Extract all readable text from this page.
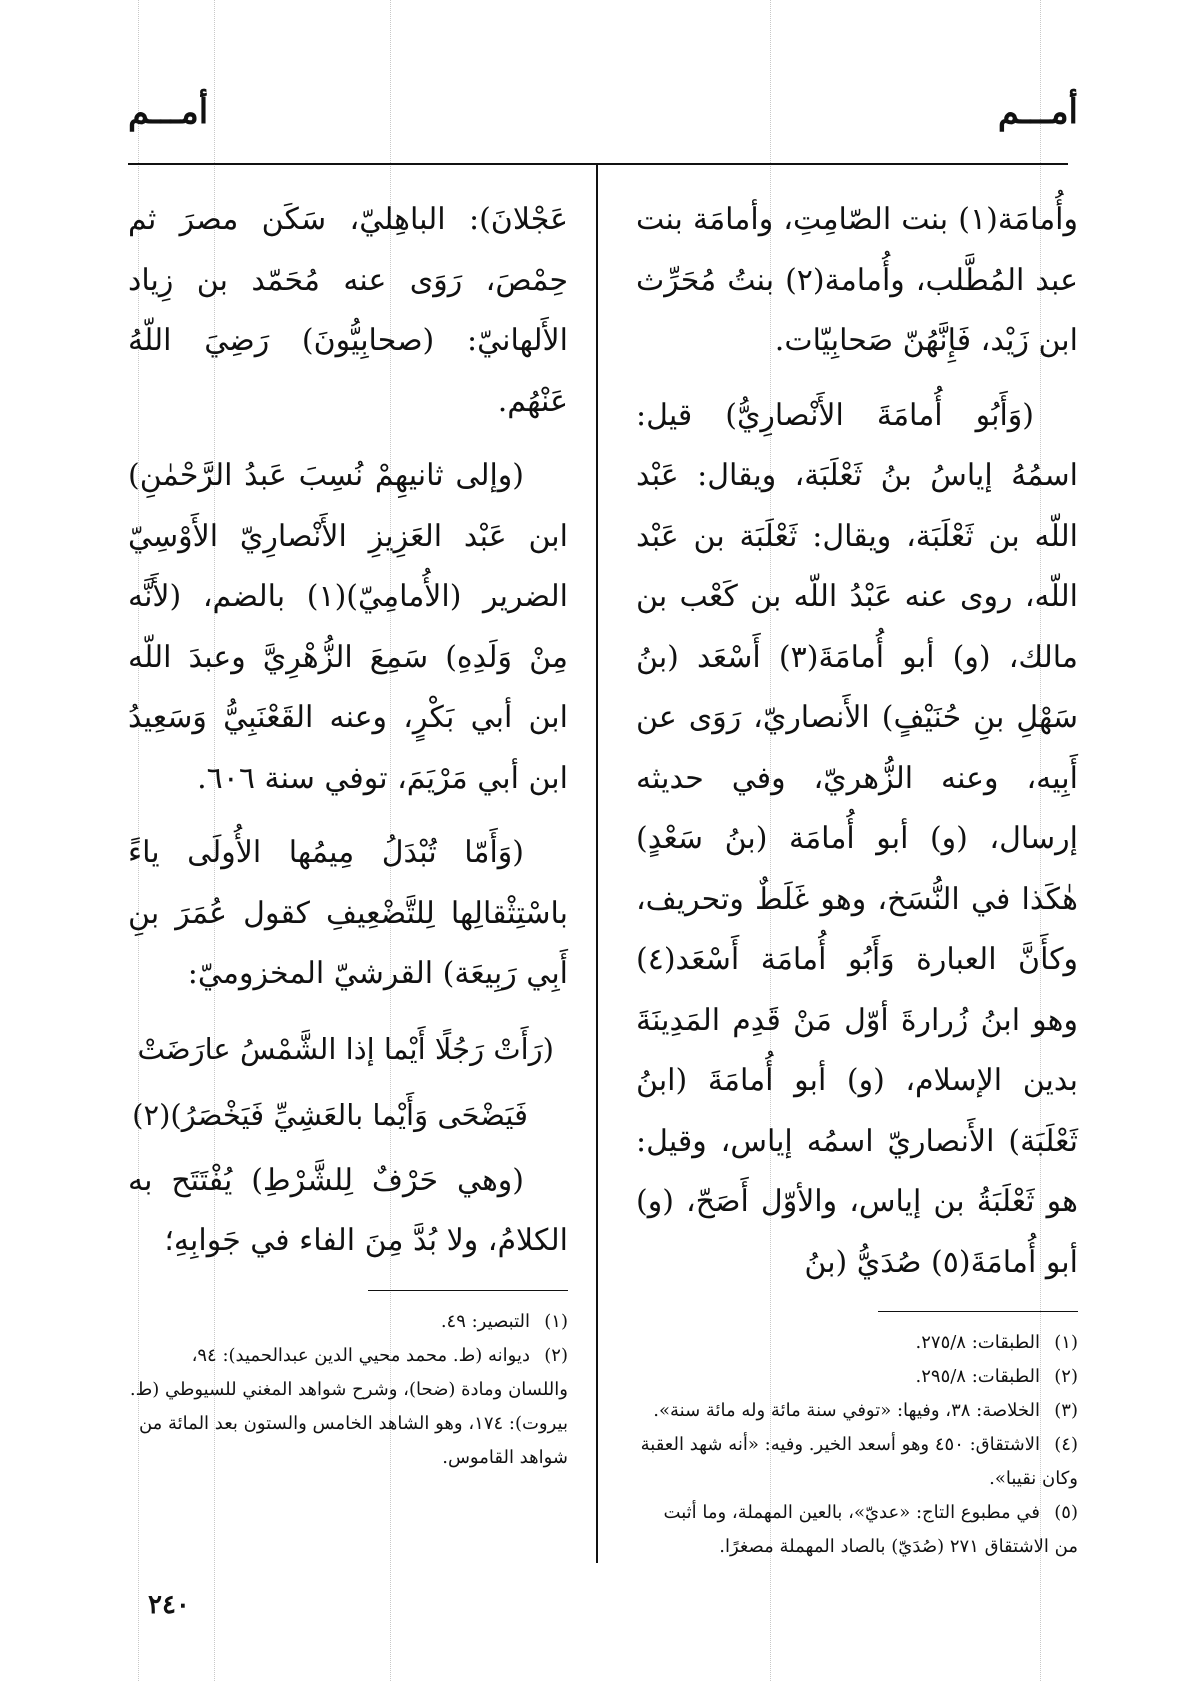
أمـــم
أمـــم

وأُمامَة(١) بنت الصّامِتِ، وأمامَة بنت عبد المُطَّلب، وأُمامة(٢) بنتُ مُحَرِّث ابن زَيْد، فَإِنَّهُنّ صَحابِيّات.

(وَأَبُو أُمامَةَ الأَنْصارِيُّ) قيل: اسمُهُ إياسُ بنُ ثَعْلَبَة، ويقال: عَبْد اللّه بن ثَعْلَبَة، ويقال: ثَعْلَبَة بن عَبْد اللّه، روى عنه عَبْدُ اللّه بن كَعْب بن مالك، (و) أبو أُمامَةَ(٣) أَسْعَد (بنُ سَهْلِ بنِ حُنَيْفٍ) الأَنصاريّ، رَوَى عن أَبِيه، وعنه الزُّهريّ، وفي حديثه إرسال، (و) أبو أُمامَة (بنُ سَعْدٍ) هٰكَذا في النُّسَخ، وهو غَلَطٌ وتحريف، وكأَنَّ العبارة وَأَبُو أُمامَة أَسْعَد(٤) وهو ابنُ زُرارةَ أوّل مَنْ قَدِم المَدِينَةَ بدين الإسلام، (و) أبو أُمامَةَ (ابنُ ثَعْلَبَة) الأَنصاريّ اسمُه إياس، وقيل: هو ثَعْلَبَةُ بن إياس، والأوّل أَصَحّ، (و) أبو أُمامَةَ(٥) صُدَيُّ (بنُ

(١)الطبقات: ٢٧٥/٨.

(٢)الطبقات: ٢٩٥/٨.

(٣)الخلاصة: ٣٨، وفيها: «توفي سنة مائة وله مائة سنة».

(٤)الاشتقاق: ٤٥٠ وهو أسعد الخير. وفيه: «أنه شهد العقبة وكان نقيبا».

(٥)في مطبوع التاج: «عديّ»، بالعين المهملة، وما أثبت من الاشتقاق ٢٧١ (صُدَيّ) بالصاد المهملة مصغرًا.

عَجْلانَ): الباهِليّ، سَكَن مصرَ ثم حِمْصَ، رَوَى عنه مُحَمّد بن زِياد الأَلهانيّ: (صحابِيُّونَ) رَضِيَ اللّهُ عَنْهُم.

(وإلى ثانيهِمْ نُسِبَ عَبدُ الرَّحْمٰنِ) ابن عَبْد العَزِيزِ الأَنْصارِيّ الأَوْسِيّ الضرير (الأُمامِيّ)(١) بالضم، (لأَنَّه مِنْ وَلَدِهِ) سَمِعَ الزُّهْرِيَّ وعبدَ اللّه ابن أبي بَكْرٍ، وعنه القَعْنَبِيُّ وَسَعِيدُ ابن أبي مَرْيَمَ، توفي سنة ٦٠٦.

(وَأَمّا تُبْدَلُ مِيمُها الأُولَى ياءً باسْتِثْقالِها لِلتَّضْعِيفِ كقول عُمَرَ بنِ أَبِي رَبِيعَة) القرشيّ المخزوميّ:

(رَأَتْ رَجُلًا أَيْما إذا الشَّمْسُ عارَضَتْ

فَيَضْحَى وَأَيْما بالعَشِيِّ فَيَخْصَرُ)(٢)

(وهي حَرْفٌ لِلشَّرْطِ) يُفْتَتَح به الكلامُ، ولا بُدَّ مِنَ الفاء في جَوابِهِ؛

(١)التبصير: ٤٩.

(٢)ديوانه (ط. محمد محيي الدين عبدالحميد): ٩٤، واللسان ومادة (ضحا)، وشرح شواهد المغني للسيوطي (ط. بيروت): ١٧٤، وهو الشاهد الخامس والستون بعد المائة من شواهد القاموس.

٢٤٠
